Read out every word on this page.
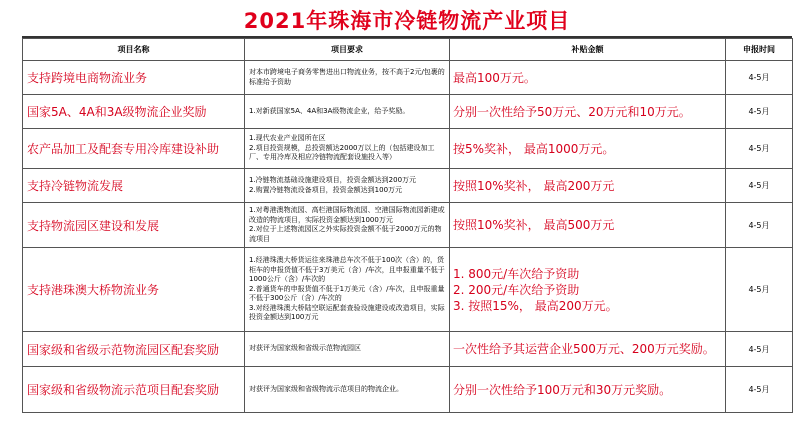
2021年珠海市冷链物流产业项目
项目名称	项目要求	补贴金额	申报时间
支持跨境电商物流业务	对本市跨境电子商务零售进出口物流业务，按不高于2元/包裹的标准给予资助	最高100万元。	4-5月
国家5A、4A和3A级物流企业奖励	1.对新获国家5A、4A和3A级物流企业，给予奖励。	分别一次性给予50万元、20万元和10万元。	4-5月
农产品加工及配套专用冷库建设补助	1.现代农业产业园所在区
2.项目投资规模，总投资额达2000万以上的（包括建设加工厂、专用冷库及相应冷链物流配套设施投入等）	按5%奖补， 最高1000万元。	4-5月
支持冷链物流发展	1.冷链物流基础设施建设项目，投资金额达到200万元
2.购置冷链物流设备项目，投资金额达到100万元	按照10%奖补， 最高200万元	4-5月
支持物流园区建设和发展	1.对粤港澳物流园、高栏港国际物流园、空港国际物流园新建或改造的物流项目，实际投资金额达到1000万元
2.对位于上述物流园区之外实际投资金额不低于2000万元的物流项目	按照10%奖补， 最高500万元	4-5月
支持港珠澳大桥物流业务	1.经港珠澳大桥货运往来珠港总车次不低于100次（含）的，货柜车的申报货值不低于3万美元（含）/车次，且申报重量不低于1000公斤（含）/车次的
2.普通货车的申报货值不低于1万美元（含）/车次，且申报重量不低于300公斤（含）/车次的
3.对经港珠澳大桥陆空联运配套查验设施建设或改造项目，实际投资金额达到100万元	1. 800元/车次给予资助
2. 200元/车次给予资助
3. 按照15%， 最高200万元。	4-5月
国家级和省级示范物流园区配套奖励	对获评为国家级和省级示范物流园区	一次性给予其运营企业500万元、200万元奖励。	4-5月
国家级和省级物流示范项目配套奖励	对获评为国家级和省级物流示范项目的物流企业。	分别一次性给予100万元和30万元奖励。	4-5月
